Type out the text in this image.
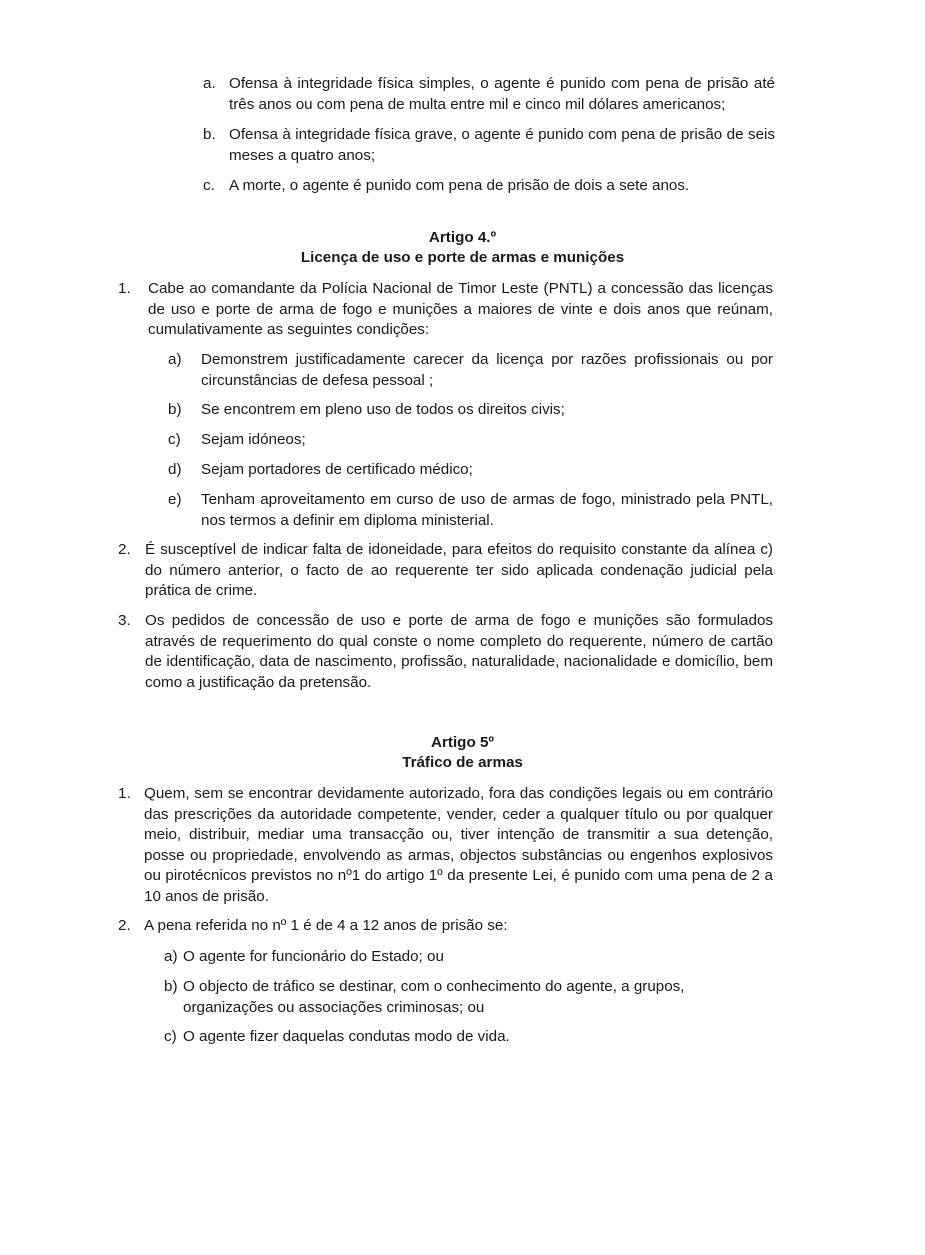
a. Ofensa à integridade física simples, o agente é punido com pena de prisão até três anos ou com pena de multa entre mil e cinco mil dólares americanos;
b. Ofensa à integridade física grave, o agente é punido com pena de prisão de seis meses a quatro anos;
c. A morte, o agente é punido com pena de prisão de dois a sete anos.
Artigo 4.º
Licença de uso e porte de armas e munições
1. Cabe ao comandante da Polícia Nacional de Timor Leste (PNTL) a concessão das licenças de uso e porte de arma de fogo e munições a maiores de vinte e dois anos que reúnam, cumulativamente as seguintes condições:
a) Demonstrem justificadamente carecer da licença por razões profissionais ou por circunstâncias de defesa pessoal ;
b) Se encontrem em pleno uso de todos os direitos civis;
c) Sejam idóneos;
d) Sejam portadores de certificado médico;
e) Tenham aproveitamento em curso de uso de armas de fogo, ministrado pela PNTL, nos termos a definir em diploma ministerial.
2. É susceptível de indicar falta de idoneidade, para efeitos do requisito constante da alínea c) do número anterior, o facto de ao requerente ter sido aplicada condenação judicial pela prática de crime.
3. Os pedidos de concessão de uso e porte de arma de fogo e munições são formulados através de requerimento do qual conste o nome completo do requerente, número de cartão de identificação, data de nascimento, profissão, naturalidade, nacionalidade e domicílio, bem como a justificação da pretensão.
Artigo 5º
Tráfico de armas
1. Quem, sem se encontrar devidamente autorizado, fora das condições legais ou em contrário das prescrições da autoridade competente, vender, ceder a qualquer título ou por qualquer meio, distribuir, mediar uma transacção ou, tiver intenção de transmitir a sua detenção, posse ou propriedade, envolvendo as armas, objectos substâncias ou engenhos explosivos ou pirotécnicos previstos no nº1 do artigo 1º da presente Lei, é punido com uma pena de 2 a 10 anos de prisão.
2. A pena referida no nº 1 é de 4 a 12 anos de prisão se:
a) O agente for funcionário do Estado; ou
b) O objecto de tráfico se destinar, com o conhecimento do agente, a grupos, organizações ou associações criminosas; ou
c) O agente fizer daquelas condutas modo de vida.
